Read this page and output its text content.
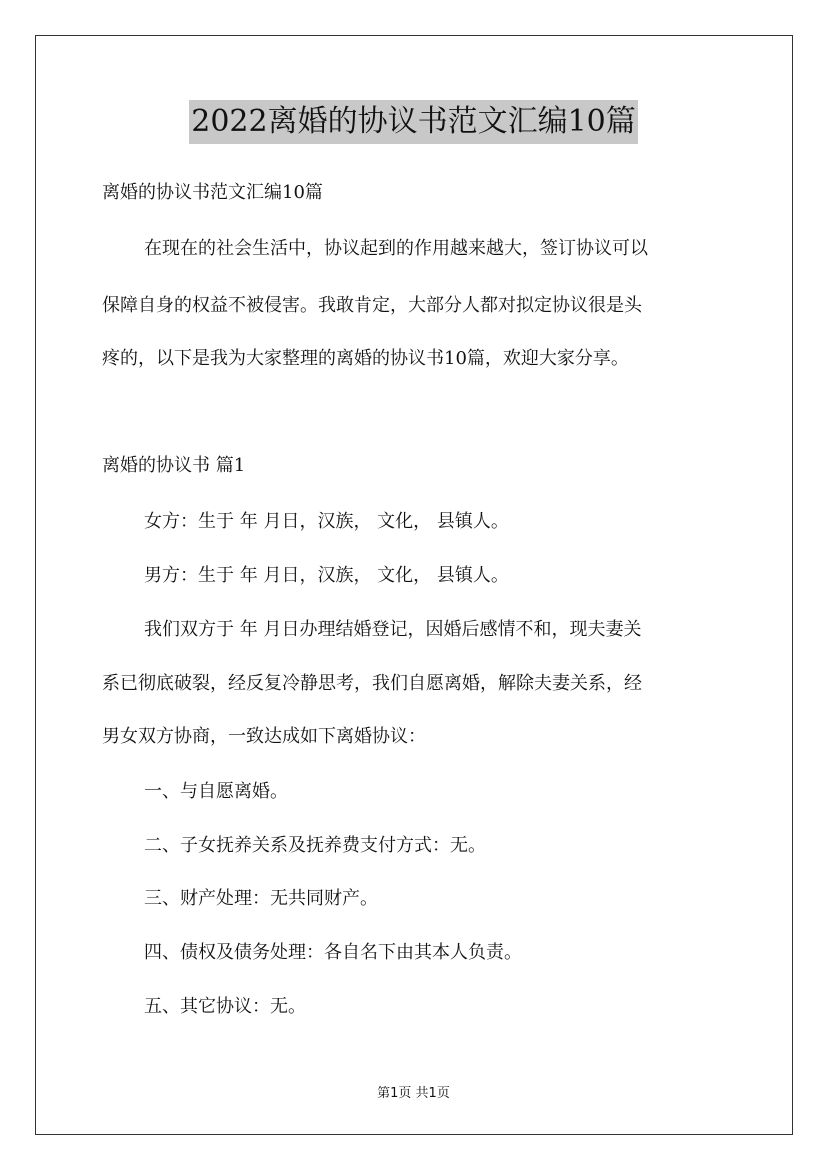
2022离婚的协议书范文汇编10篇

离婚的协议书范文汇编10篇

在现在的社会生活中，协议起到的作用越来越大，签订协议可以

保障自身的权益不被侵害。我敢肯定，大部分人都对拟定协议很是头

疼的，以下是我为大家整理的离婚的协议书10篇，欢迎大家分享。

离婚的协议书 篇1

女方：生于 年 月日，汉族， 文化， 县镇人。

男方：生于 年 月日，汉族， 文化， 县镇人。

我们双方于 年 月日办理结婚登记，因婚后感情不和，现夫妻关

系已彻底破裂，经反复冷静思考，我们自愿离婚，解除夫妻关系，经

男女双方协商，一致达成如下离婚协议：

一、与自愿离婚。

二、子女抚养关系及抚养费支付方式：无。

三、财产处理：无共同财产。

四、债权及债务处理：各自名下由其本人负责。

五、其它协议：无。

第1页 共1页
